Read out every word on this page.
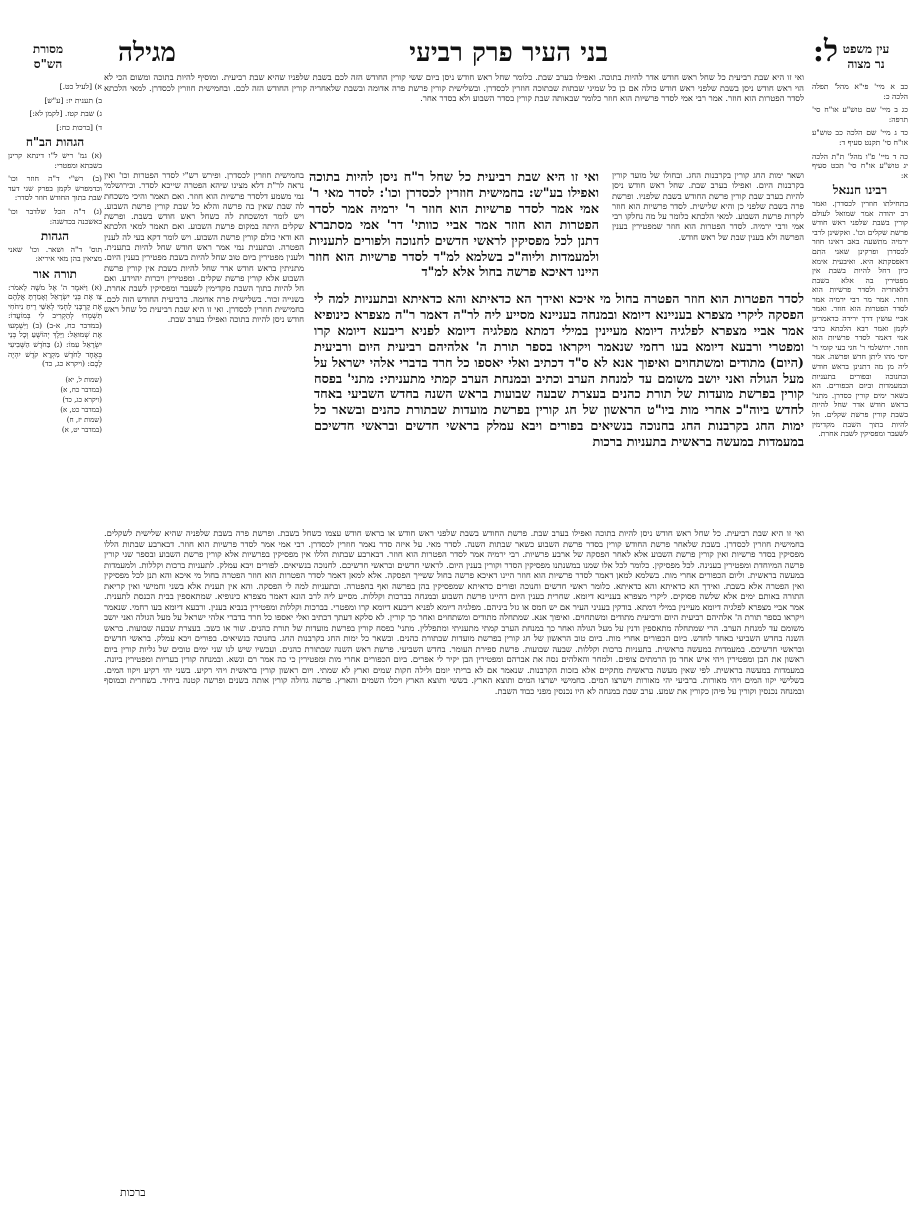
ל:
בני העיר פרק רביעי
מגילה	עין משפט
נר מצוה
מסורת
הש"ס

כב א מיי' פי"א מהל' תפלה הלכה כ:

כג ב מיי' שם טוש"ע או"ח סי' תרפה:

כד ג מיי' שם הלכה כב טוש"ע או"ח סי' תקנט סעיף ד:

כה ד מיי' פ"ו מהל' ת"ת הלכה יג טוש"ע או"ח סי' תכט סעיף א:

רבינו חננאל

בתחילתו חוזרין לכסדרן. ואמר רב יהודה אמר שמואל לעולם קורין בשבת שלפני ראש חודש פרשת שקלים וכו'. ואקשינן לרבי ירמיה מתשעה באב דאינו חוזר לכסדרן ופרקינן שאני התם דאפסקתא היא. ואיבעית אימא כיון דחל להיות בשבת אין מפטירין בה אלא בשבת דלאחריה ולסדר פרשיות הוא חוזר. אמר מר רבי ירמיה אמר לסדר הפטרות הוא חוזר. ואמר אביי עושין דרך ירידה כדאמרינן לקמן ואמר רבא הלכתא כרבי אמי דאמר לסדר פרשיות הוא חוזר. ירושלמי ר' חגי בעי קומי ר' יוסי מהו ליתן חדש ופרשה. אמר ליה מן מה דתנינן בראש חודש ובחנוכה ובפורים בתעניות ובמעמדות וביום הכפורים. הא בשאר ימים קורין כסדרן. מתני' בראש חודש אדר שחל להיות בשבת קורין פרשת שקלים. חל להיות בתוך השבת מקדימין לשעבר ומפסיקין לשבת אחרת.

א) [לעיל כט.]

ב) תענית יז: [ע"ש]

ג) שבת קטז. [לקמן לא:]

ד) [ברכות כח:]

הגהות הב"ח

(א) גמ' ריש ל"ו דינתא קרינן בשבתא ומפטרי:

(ב) רש"י ד"ה חוזר וכו' וכדמפרש לקמן בפרק שני דעד שבת בתוך החודש חוזר לסדר:

(ג) ד"ה הכל שלדבר וכו' באשכנה בכדשנה:

הגהות

תוס' ד"ה ושאר. וכו' שאני מציאין בהן מאי איריא:

תורה אור

(א) וַיֹּאמֶר ה' אֶל מֹשֶׁה לֵאמֹר: צַו אֶת בְּנֵי יִשְׂרָאֵל וְאָמַרְתָּ אֲלֵהֶם אֶת קָרְבָּנִי לַחְמִי לְאִשַּׁי רֵיחַ נִיחֹחִי תִּשְׁמְרוּ לְהַקְרִיב לִי בְּמוֹעֲדוֹ: (במדבר כח, א-ב) (ב) וַיִּשְׁמְעוּ אֶת שְׁמוּאֵל: וַיֵּלֶךְ יְהוֹשֻׁעַ וְכָל בְּנֵי יִשְׂרָאֵל עִמּוֹ: (ג) בַּחֹדֶשׁ הַשְּׁבִיעִי בְּאֶחָד לַחֹדֶשׁ מִקְרָא קֹדֶשׁ יִהְיֶה לָכֶם: (ויקרא כג, כד)

(שמות ל, יא)
(במדבר כח, א)
(ויקרא כג, כד)
(במדבר כט, א)
(שמות יז, ח)
(במדבר יט, א)
ואי זו היא שבת רביעית כל שחל ראש חודש אדר להיות בתוכה. ואפילו בערב שבת. כלומר שחל ראש חודש ניסן ביום ששי קורין החודש הזה לכם בשבת שלפניו שהיא שבת רביעית. ומוסיף להיות בתוכה ומשום הכי לא הוי ראש חודש ניסן בשבת שלפני ראש חודש כולה אם כן כל שמיני שבתות שבתוכה חוזרין לכסדרן. ובשלישית קורין פרשת פרה אדומה ובשבת שלאחריה קורין החודש הזה לכם. ובחמישית חוזרין לכסדרן. למאי הלכתא לסדר הפטרות הוא חוזר. אמר רבי אמי לסדר פרשיות הוא חוזר כלומר שבאותה שבת קורין בסדר השבוע ולא בסדר אחר.
ושאר ימות החג קורין בקרבנות החג. ובחולו של מועד קורין בקרבנות היום. ואפילו בערב שבת. שחל ראש חודש ניסן להיות בערב שבת קורין פרשת החודש בשבת שלפניו. ופרשת פרה בשבת שלפני כן והיא שלישית. לסדר פרשיות הוא חוזר לקרות פרשת השבוע. למאי הלכתא כלומר על מה נחלקו רבי אמי ורבי ירמיה. לסדר הפטרות הוא חוזר שמפטירין בענין הפרשה ולא בענין שבת של ראש חודש.
ואי זו היא שבת רביעית כל שחל ר"ח ניסן להיות בתוכה ואפילו בע"ש: בחמישית חוזרין לכסדרן וכו': לסדר מאי ר' אמי אמר לסדר פרשיות הוא חוזר ר' ירמיה אמר לסדר הפטרות הוא חוזר אמר אביי כוותי' דר' אמי מסתברא דתנן לכל מפסיקין לראשי חדשים לחנוכה ולפורים לתעניות ולמעמדות וליוה"כ בשלמא למ"ד לסדר פרשיות הוא חוזר היינו דאיכא פרשה בחול אלא למ"ד
לסדר הפטרות הוא חוזר הפטרה בחול מי איכא ואידך הא כדאיתא והא כדאיתא ובתעניות למה לי הפסקה ליקרי מצפרא בעניינא דיומא ובמנחה בעניינא מסייע ליה לר"ה דאמר ר"ה מצפרא כינופיא אמר אביי מצפרא לפלגיה דיומא מעיינין במילי דמתא מפלגיה דיומא לפניא ריבעא דיומא קרו ומפטרי ורבעא דיומא בעו רחמי שנאמר ויקראו בספר תורת ה' אלהיהם רביעית היום ורביעית (היום) מתודים ומשתחוים ואיפוך אנא לא ס"ד דכתיב ואלי יאספו כל חרד בדברי אלהי ישראל על מעל הגולה ואני יושב משומם עד למנחת הערב וכתיב ובמנחת הערב קמתי מתעניתי: מתני' בפסח קורין בפרשת מועדות של תורת כהנים בעצרת שבעה שבועות בראש השנה בחדש השביעי באחד לחדש ביוה"כ אחרי מות ביו"ט הראשון של חג קורין בפרשת מועדות שבתורת כהנים ובשאר כל ימות החג בקרבנות החג בחנוכה בנשיאים בפורים ויבא עמלק בראשי חדשים ובראשי חדשיכם במעמדות במעשה בראשית בתעניות ברכות
בחמישית חוזרין לכסדרן. ופירש רש"י לסדר הפטרות וכו' ואין נראה לר"ת דלא מצינו שיהא הפטרה שייכא לסדר. ובירושלמי נמי משמע דלסדר פרשיות הוא חוזר. ואם תאמר והיכי משכחת לה שבת שאין בה פרשה והלא כל שבת קורין פרשת השבוע. ויש לומר דמשכחת לה כשחל ראש חודש בשבת. ופרשת שקלים היתה במקום פרשת השבוע. ואם תאמר למאי הלכתא הא ודאי כולם קורין פרשת השבוע. ויש לומר דקא בעי לה לענין הפטרה. ובתענית נמי אמר ראש חודש שחל להיות בתענית. ולענין מפטירין ביום טוב שחל להיות בשבת מפטירין בענין היום. מתניתין בראש חודש אדר שחל להיות בשבת אין קורין פרשת השבוע אלא קורין פרשת שקלים. ומפטירין ויכרות יהוידע. ואם חל להיות בתוך השבת מקדימין לשעבר ומפסיקין לשבת אחרת. בשנייה זכור. בשלישית פרה אדומה. ברביעית החודש הזה לכם. בחמישית חוזרין לכסדרן. ואי זו היא שבת רביעית כל שחל ראש חודש ניסן להיות בתוכה ואפילו בערב שבת.
ואי זו היא שבת רביעית. כל שחל ראש חודש ניסן להיות בתוכה ואפילו בערב שבת. פרשת החודש בשבת שלפני ראש חודש או בראש חודש עצמו כשחל בשבת. ופרשת פרה בשבת שלפניה שהיא שלישית לשקלים. בחמישית חוזרין לכסדרן. בשבת שלאחר פרשת החודש קורין בסדר פרשת השבוע כשאר שבתות השנה. לסדר מאי. על איזה סדר נאמר חוזרין לכסדרן. רבי אמי אמר לסדר פרשיות הוא חוזר. דבארבע שבתות הללו מפסיקין בסדר פרשיות ואין קורין פרשת השבוע אלא לאחר הפסקה של ארבע פרשיות. רבי ירמיה אמר לסדר הפטרות הוא חוזר. דבארבע שבתות הללו אין מפסיקין בפרשיות אלא קורין פרשת השבוע ובספר שני קורין פרשה המיוחדת ומפטירין בענינה. לכל מפסיקין. כלומר לכל אלו שמנו במשנתנו מפסיקין הסדר וקורין בענין היום. לראשי חדשים ובראשי חדשיכם. לחנוכה בנשיאים. לפורים ויבא עמלק. לתעניות ברכות וקללות. ולמעמדות במעשה בראשית. וליום הכפורים אחרי מות. בשלמא למאן דאמר לסדר פרשיות הוא חוזר היינו דאיכא פרשה בחול ששייך הפסקה. אלא למאן דאמר לסדר הפטרות הוא חוזר הפטרה בחול מי איכא והא תנן לכל מפסיקין ואין הפטרה אלא בשבת. ואידך הא כדאיתא והא כדאיתא. כלומר ראשי חדשים וחנוכה ופורים כדאיתא שמפסיקין בהן בפרשה ואף בהפטרה. ובתעניות למה לי הפסקה. והא אין תענית אלא בשני וחמישי ואין קריאת התורה באותם ימים אלא שלשה פסוקים. ליקרי מצפרא בעניינא דיומא. שחרית בענין היום דהיינו פרשת השבוע ובמנחה בברכות וקללות. מסייע ליה לרב הונא דאמר מצפרא כינופיא. שמתאספין בבית הכנסת לתענית. אמר אביי מצפרא לפלגיה דיומא מעיינין במילי דמתא. בודקין בעניני העיר אם יש חמס או גזל ביניהם. מפלגיה דיומא לפניא ריבעא דיומא קרו ומפטרי. בברכות וקללות ומפטירין בנביא בענין. ורבעא דיומא בעו רחמי. שנאמר ויקראו בספר תורת ה' אלהיהם רביעית היום ורביעית מתודים ומשתחוים. ואיפוך אנא. שמתחלה מתודים ומשתחוים ואחר כך קורין. לא סלקא דעתך דכתיב ואלי יאספו כל חרד בדברי אלהי ישראל על מעל הגולה ואני יושב משומם עד למנחת הערב. הרי שמתחלה מתאספין ודנין על מעל הגולה ואחר כך במנחת הערב קמתי מתעניתי ומתפללין. מתני' בפסח קורין בפרשת מועדות של תורת כהנים. שור או כשב. בעצרת שבעה שבועות. בראש השנה בחדש השביעי באחד לחדש. ביום הכפורים אחרי מות. ביום טוב הראשון של חג קורין בפרשת מועדות שבתורת כהנים. ובשאר כל ימות החג בקרבנות החג. בחנוכה בנשיאים. בפורים ויבא עמלק. בראשי חדשים ובראשי חדשיכם. במעמדות במעשה בראשית. בתעניות ברכות וקללות. שבעה שבועות. פרשת ספירת העומר. בחדש השביעי. פרשת ראש השנה שבתורת כהנים. ועכשיו שיש לנו שני ימים טובים של גליות קורין ביום ראשון את הבן ומפטירין ויהי איש אחד מן הרמתים צופים. ולמחר והאלהים נסה את אברהם ומפטירין הבן יקיר לי אפרים. ביום הכפורים אחרי מות ומפטירין כי כה אמר רם ונשא. ובמנחה קורין בעריות ומפטירין ביונה. במעמדות במעשה בראשית. לפי שאין מעשה בראשית מתקיים אלא בזכות הקרבנות. שנאמר אם לא בריתי יומם ולילה חקות שמים וארץ לא שמתי. ויום ראשון קורין בראשית ויהי רקיע. בשני יהי רקיע ויקוו המים. בשלישי יקוו המים ויהי מאורות. ברביעי יהי מאורות וישרצו המים. בחמישי ישרצו המים ותוצא הארץ. בששי ותוצא הארץ ויכלו השמים והארץ. פרשה גדולה קורין אותה בשנים ופרשה קטנה ביחיד. בשחרית ובמוסף ובמנחה נכנסין וקורין על פיהן כקורין את שמע. ערב שבת במנחה לא היו נכנסין מפני כבוד השבת.
ברכות
